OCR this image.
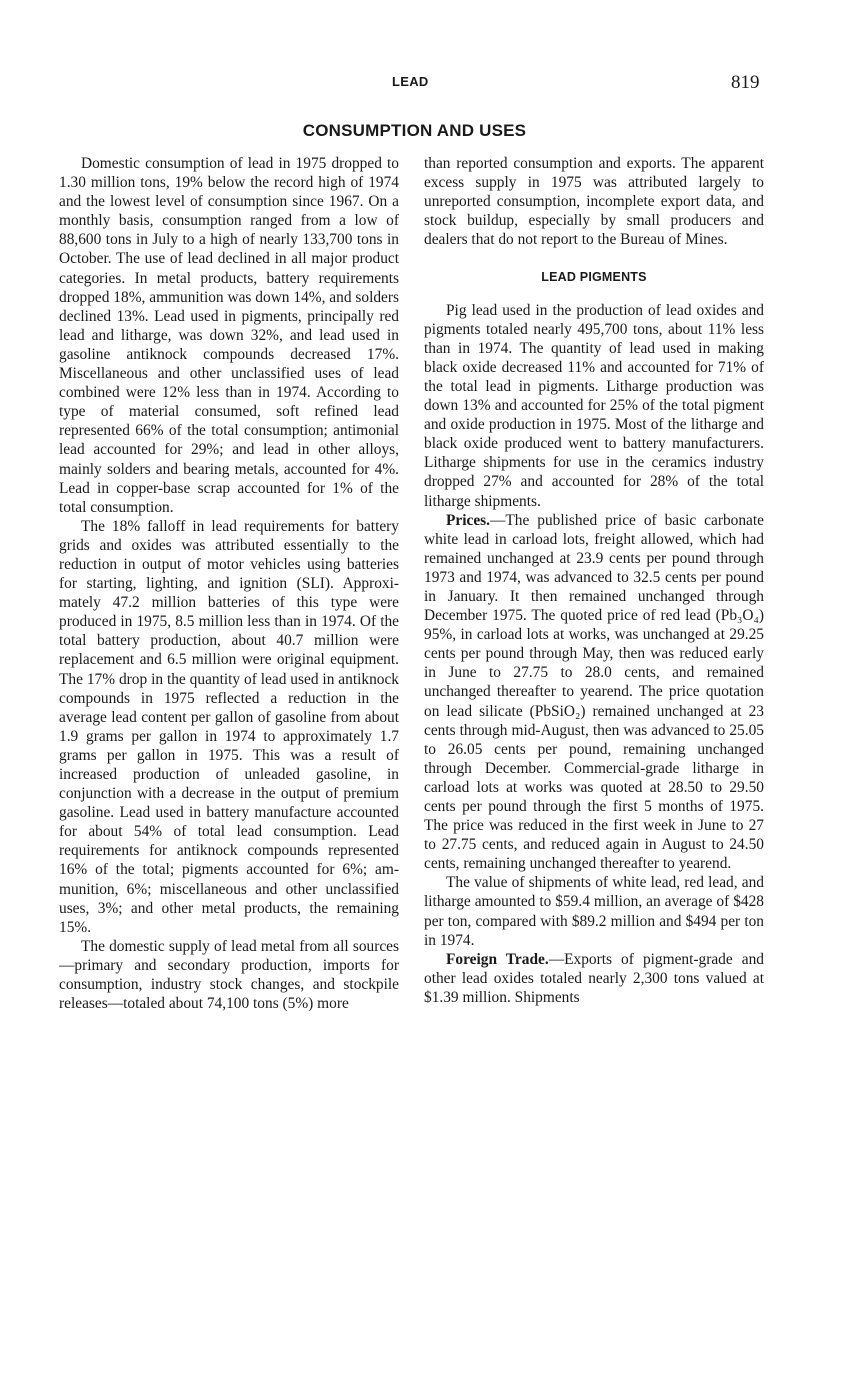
LEAD	819
CONSUMPTION AND USES

Domestic consumption of lead in 1975 dropped to 1.30 million tons, 19% below the record high of 1974 and the lowest level of consumption since 1967. On a monthly basis, consumption ranged from a low of 88,600 tons in July to a high of nearly 133,700 tons in October. The use of lead declined in all major product categories. In metal products, battery requirements dropped 18%, ammunition was down 14%, and solders declined 13%. Lead used in pigments, principally red lead and litharge, was down 32%, and lead used in gasoline antiknock compounds decreased 17%. Miscellaneous and other unclassified uses of lead combined were 12% less than in 1974. According to type of material consumed, soft refined lead represented 66% of the total consumption; antimonial lead accounted for 29%; and lead in other alloys, mainly solders and bearing metals, accounted for 4%. Lead in copper-base scrap accounted for 1% of the total consumption.

The 18% falloff in lead requirements for battery grids and oxides was attributed essentially to the reduction in output of motor vehicles using batteries for starting, lighting, and ignition (SLI). Approximately 47.2 million batteries of this type were produced in 1975, 8.5 million less than in 1974. Of the total battery production, about 40.7 million were replacement and 6.5 million were original equipment. The 17% drop in the quantity of lead used in antiknock compounds in 1975 reflected a reduction in the average lead content per gallon of gasoline from about 1.9 grams per gallon in 1974 to approximately 1.7 grams per gallon in 1975. This was a result of increased production of unleaded gasoline, in conjunction with a decrease in the output of premium gasoline. Lead used in battery manufacture accounted for about 54% of total lead consumption. Lead requirements for antiknock compounds represented 16% of the total; pigments accounted for 6%; ammunition, 6%; miscellaneous and other unclassified uses, 3%; and other metal products, the remaining 15%.

The domestic supply of lead metal from all sources—primary and secondary production, imports for consumption, industry stock changes, and stockpile releases—totaled about 74,100 tons (5%) more

than reported consumption and exports. The apparent excess supply in 1975 was attributed largely to unreported consumption, incomplete export data, and stock buildup, especially by small producers and dealers that do not report to the Bureau of Mines.

LEAD PIGMENTS

Pig lead used in the production of lead oxides and pigments totaled nearly 495,700 tons, about 11% less than in 1974. The quantity of lead used in making black oxide decreased 11% and accounted for 71% of the total lead in pigments. Litharge production was down 13% and accounted for 25% of the total pigment and oxide production in 1975. Most of the litharge and black oxide produced went to battery manufacturers. Litharge shipments for use in the ceramics industry dropped 27% and accounted for 28% of the total litharge shipments.

Prices.—The published price of basic carbonate white lead in carload lots, freight allowed, which had remained unchanged at 23.9 cents per pound through 1973 and 1974, was advanced to 32.5 cents per pound in January. It then remained unchanged through December 1975. The quoted price of red lead (Pb₃O₄) 95%, in carload lots at works, was unchanged at 29.25 cents per pound through May, then was reduced early in June to 27.75 to 28.0 cents, and remained unchanged thereafter to yearend. The price quotation on lead silicate (PbSiO₂) remained unchanged at 23 cents through mid-August, then was advanced to 25.05 to 26.05 cents per pound, remaining unchanged through December. Commercial-grade litharge in carload lots at works was quoted at 28.50 to 29.50 cents per pound through the first 5 months of 1975. The price was reduced in the first week in June to 27 to 27.75 cents, and reduced again in August to 24.50 cents, remaining unchanged thereafter to yearend.

The value of shipments of white lead, red lead, and litharge amounted to $59.4 million, an average of $428 per ton, compared with $89.2 million and $494 per ton in 1974.

Foreign Trade.—Exports of pigment-grade and other lead oxides totaled nearly 2,300 tons valued at $1.39 million. Shipments
